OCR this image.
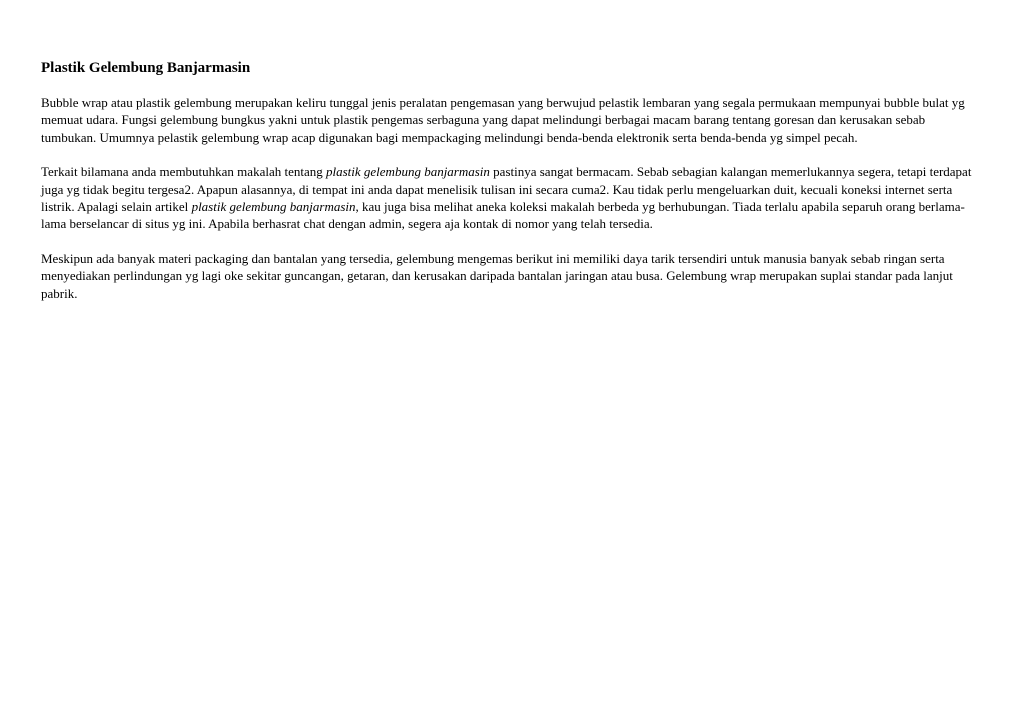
Plastik Gelembung Banjarmasin

Bubble wrap atau plastik gelembung merupakan keliru tunggal jenis peralatan pengemasan yang berwujud pelastik lembaran yang segala permukaan mempunyai bubble bulat yg memuat udara. Fungsi gelembung bungkus yakni untuk plastik pengemas serbaguna yang dapat melindungi berbagai macam barang tentang goresan dan kerusakan sebab tumbukan. Umumnya pelastik gelembung wrap acap digunakan bagi mempackaging melindungi benda-benda elektronik serta benda-benda yg simpel pecah.

Terkait bilamana anda membutuhkan makalah tentang plastik gelembung banjarmasin pastinya sangat bermacam. Sebab sebagian kalangan memerlukannya segera, tetapi terdapat juga yg tidak begitu tergesa2. Apapun alasannya, di tempat ini anda dapat menelisik tulisan ini secara cuma2. Kau tidak perlu mengeluarkan duit, kecuali koneksi internet serta listrik. Apalagi selain artikel plastik gelembung banjarmasin, kau juga bisa melihat aneka koleksi makalah berbeda yg berhubungan. Tiada terlalu apabila separuh orang berlama-lama berselancar di situs yg ini. Apabila berhasrat chat dengan admin, segera aja kontak di nomor yang telah tersedia.

Meskipun ada banyak materi packaging dan bantalan yang tersedia, gelembung mengemas berikut ini memiliki daya tarik tersendiri untuk manusia banyak sebab ringan serta menyediakan perlindungan yg lagi oke sekitar guncangan, getaran, dan kerusakan daripada bantalan jaringan atau busa. Gelembung wrap merupakan suplai standar pada lanjut pabrik.
